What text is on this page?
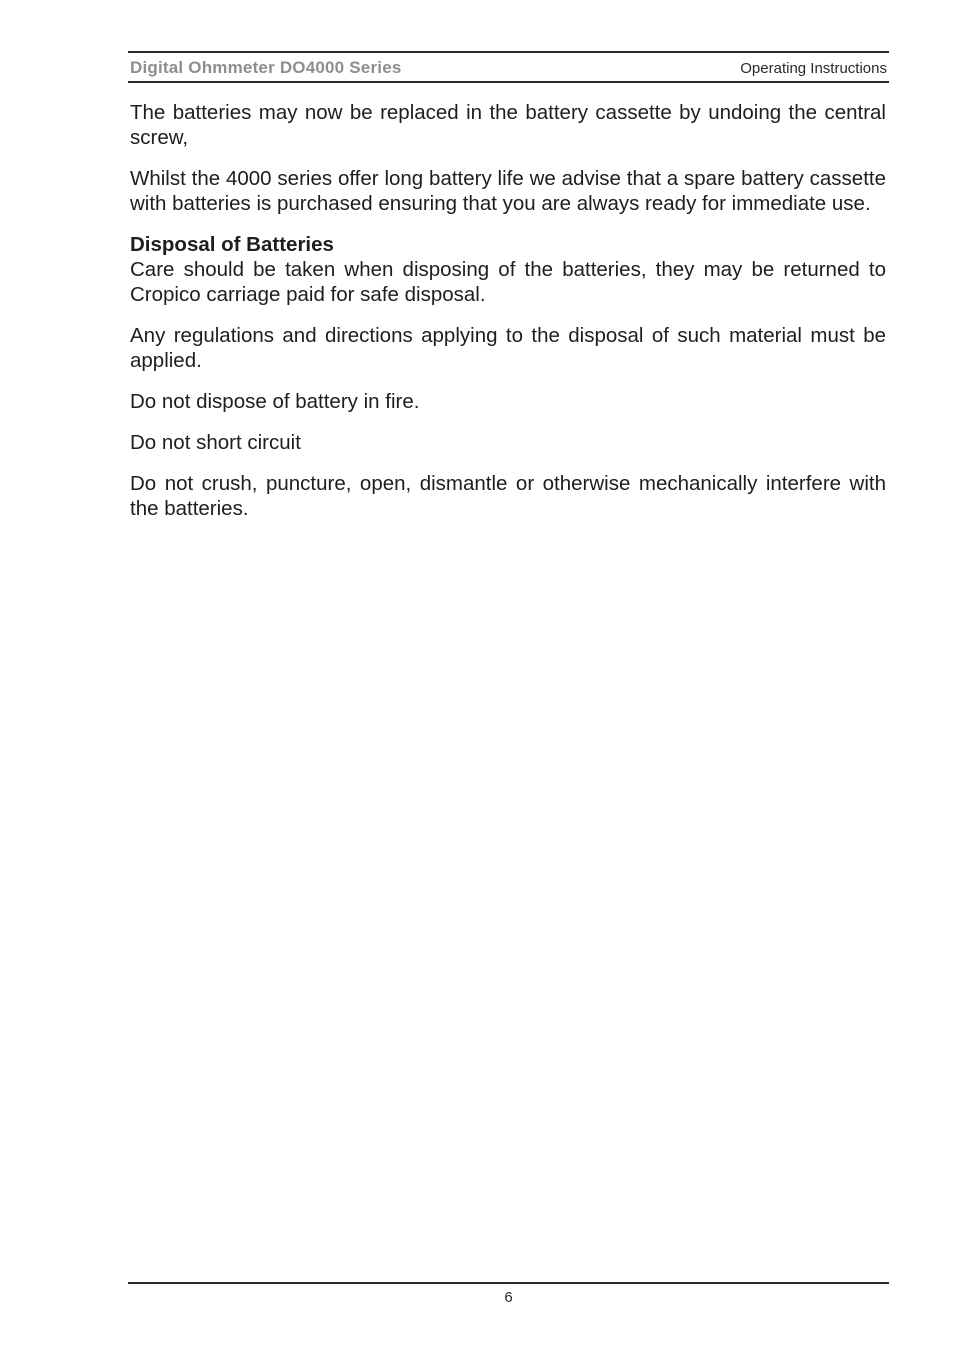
Digital Ohmmeter DO4000 Series	Operating Instructions

The batteries may now be replaced in the battery cassette by undoing the central screw,

Whilst the 4000 series offer long battery life we advise that a spare battery cassette with batteries is purchased ensuring that you are always ready for immediate use.

Disposal of Batteries
Care should be taken when disposing of the batteries, they may be returned to Cropico carriage paid for safe disposal.

Any regulations and directions applying to the disposal of such material must be applied.

Do not dispose of battery in fire.

Do not short circuit

Do not crush, puncture, open, dismantle or otherwise mechanically interfere with the batteries.

6
